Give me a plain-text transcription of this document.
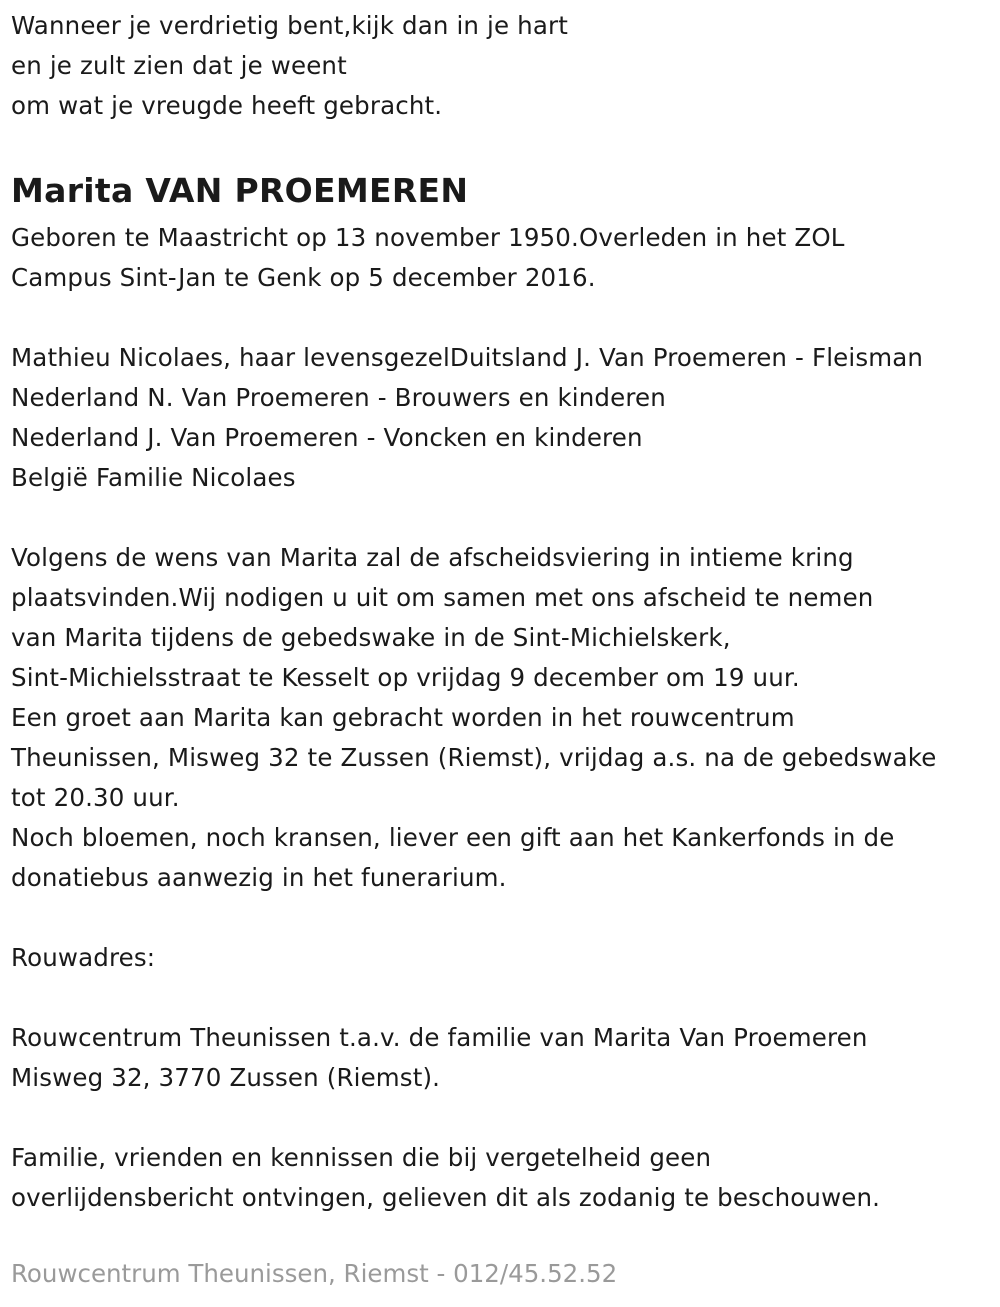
Wanneer je verdrietig bent,kijk dan in je hart
en je zult zien dat je weent
om wat je vreugde heeft gebracht.
Marita VAN PROEMEREN
Geboren te Maastricht op 13 november 1950.Overleden in het ZOL
Campus Sint-Jan te Genk op 5 december 2016.
Mathieu Nicolaes, haar levensgezelDuitsland J. Van Proemeren - Fleisman
Nederland N. Van Proemeren - Brouwers en kinderen
Nederland J. Van Proemeren - Voncken en kinderen
België Familie Nicolaes
Volgens de wens van Marita zal de afscheidsviering in intieme kring
plaatsvinden.Wij nodigen u uit om samen met ons afscheid te nemen
van Marita tijdens de gebedswake in de Sint-Michielskerk,
Sint-Michielsstraat te Kesselt op vrijdag 9 december om 19 uur.
Een groet aan Marita kan gebracht worden in het rouwcentrum
Theunissen, Misweg 32 te Zussen (Riemst), vrijdag a.s. na de gebedswake
tot 20.30 uur.
Noch bloemen, noch kransen, liever een gift aan het Kankerfonds in de
donatiebus aanwezig in het funerarium.
Rouwadres:
Rouwcentrum Theunissen t.a.v. de familie van Marita Van Proemeren
Misweg 32, 3770 Zussen (Riemst).
Familie, vrienden en kennissen die bij vergetelheid geen
overlijdensbericht ontvingen, gelieven dit als zodanig te beschouwen.
Rouwcentrum Theunissen, Riemst - 012/45.52.52
